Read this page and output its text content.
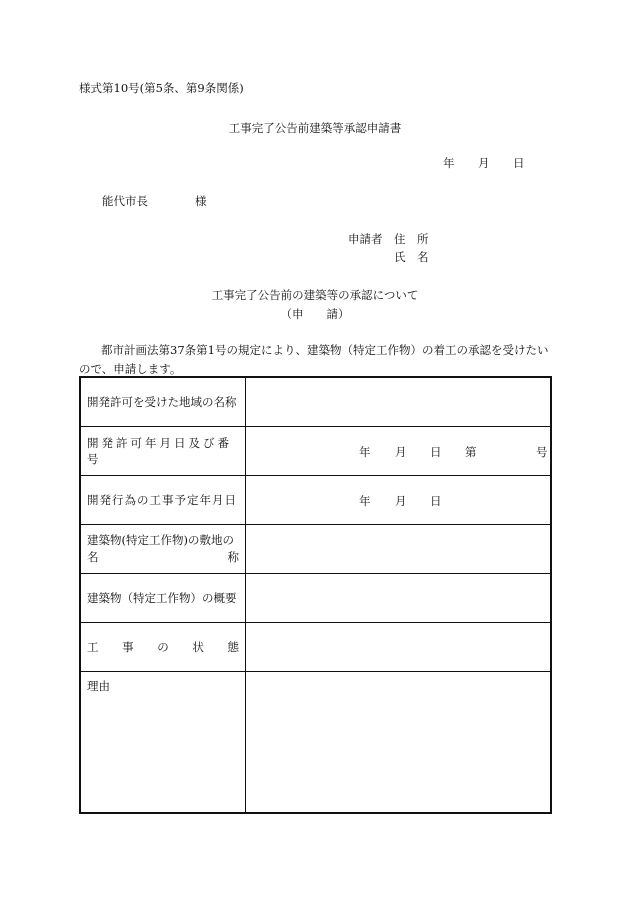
様式第10号(第5条、第9条関係)
工事完了公告前建築等承認申請書
年 月 日
能代市長	様
申請者 住　所
氏　名
工事完了公告前の建築等の承認について
（申　　請）
都市計画法第37条第1号の規定により、建築物（特定工作物）の着工の承認を受けたいので、申請します。
開発許可を受けた地域の名称	

開発許可年月日及び番号	年 月 日 第 号

開発行為の工事予定年月日	年 月 日

建築物(特定工作物)の敷地の
名 称	

建築物（特定工作物）の概要	

工 事 の 状 態	

理由	
